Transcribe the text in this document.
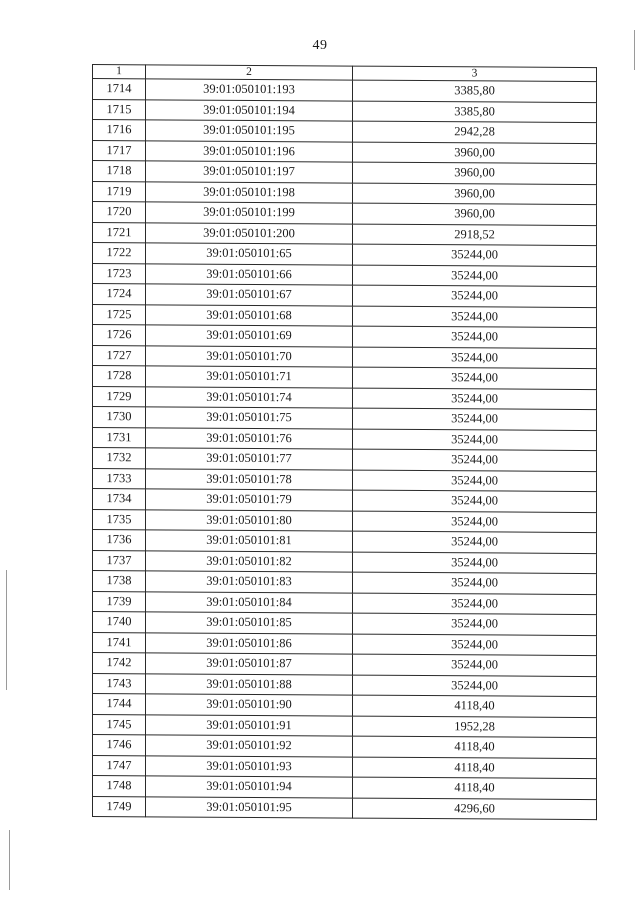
49
1	2	3
1714	39:01:050101:193	3385,80
1715	39:01:050101:194	3385,80
1716	39:01:050101:195	2942,28
1717	39:01:050101:196	3960,00
1718	39:01:050101:197	3960,00
1719	39:01:050101:198	3960,00
1720	39:01:050101:199	3960,00
1721	39:01:050101:200	2918,52
1722	39:01:050101:65	35244,00
1723	39:01:050101:66	35244,00
1724	39:01:050101:67	35244,00
1725	39:01:050101:68	35244,00
1726	39:01:050101:69	35244,00
1727	39:01:050101:70	35244,00
1728	39:01:050101:71	35244,00
1729	39:01:050101:74	35244,00
1730	39:01:050101:75	35244,00
1731	39:01:050101:76	35244,00
1732	39:01:050101:77	35244,00
1733	39:01:050101:78	35244,00
1734	39:01:050101:79	35244,00
1735	39:01:050101:80	35244,00
1736	39:01:050101:81	35244,00
1737	39:01:050101:82	35244,00
1738	39:01:050101:83	35244,00
1739	39:01:050101:84	35244,00
1740	39:01:050101:85	35244,00
1741	39:01:050101:86	35244,00
1742	39:01:050101:87	35244,00
1743	39:01:050101:88	35244,00
1744	39:01:050101:90	4118,40
1745	39:01:050101:91	1952,28
1746	39:01:050101:92	4118,40
1747	39:01:050101:93	4118,40
1748	39:01:050101:94	4118,40
1749	39:01:050101:95	4296,60
